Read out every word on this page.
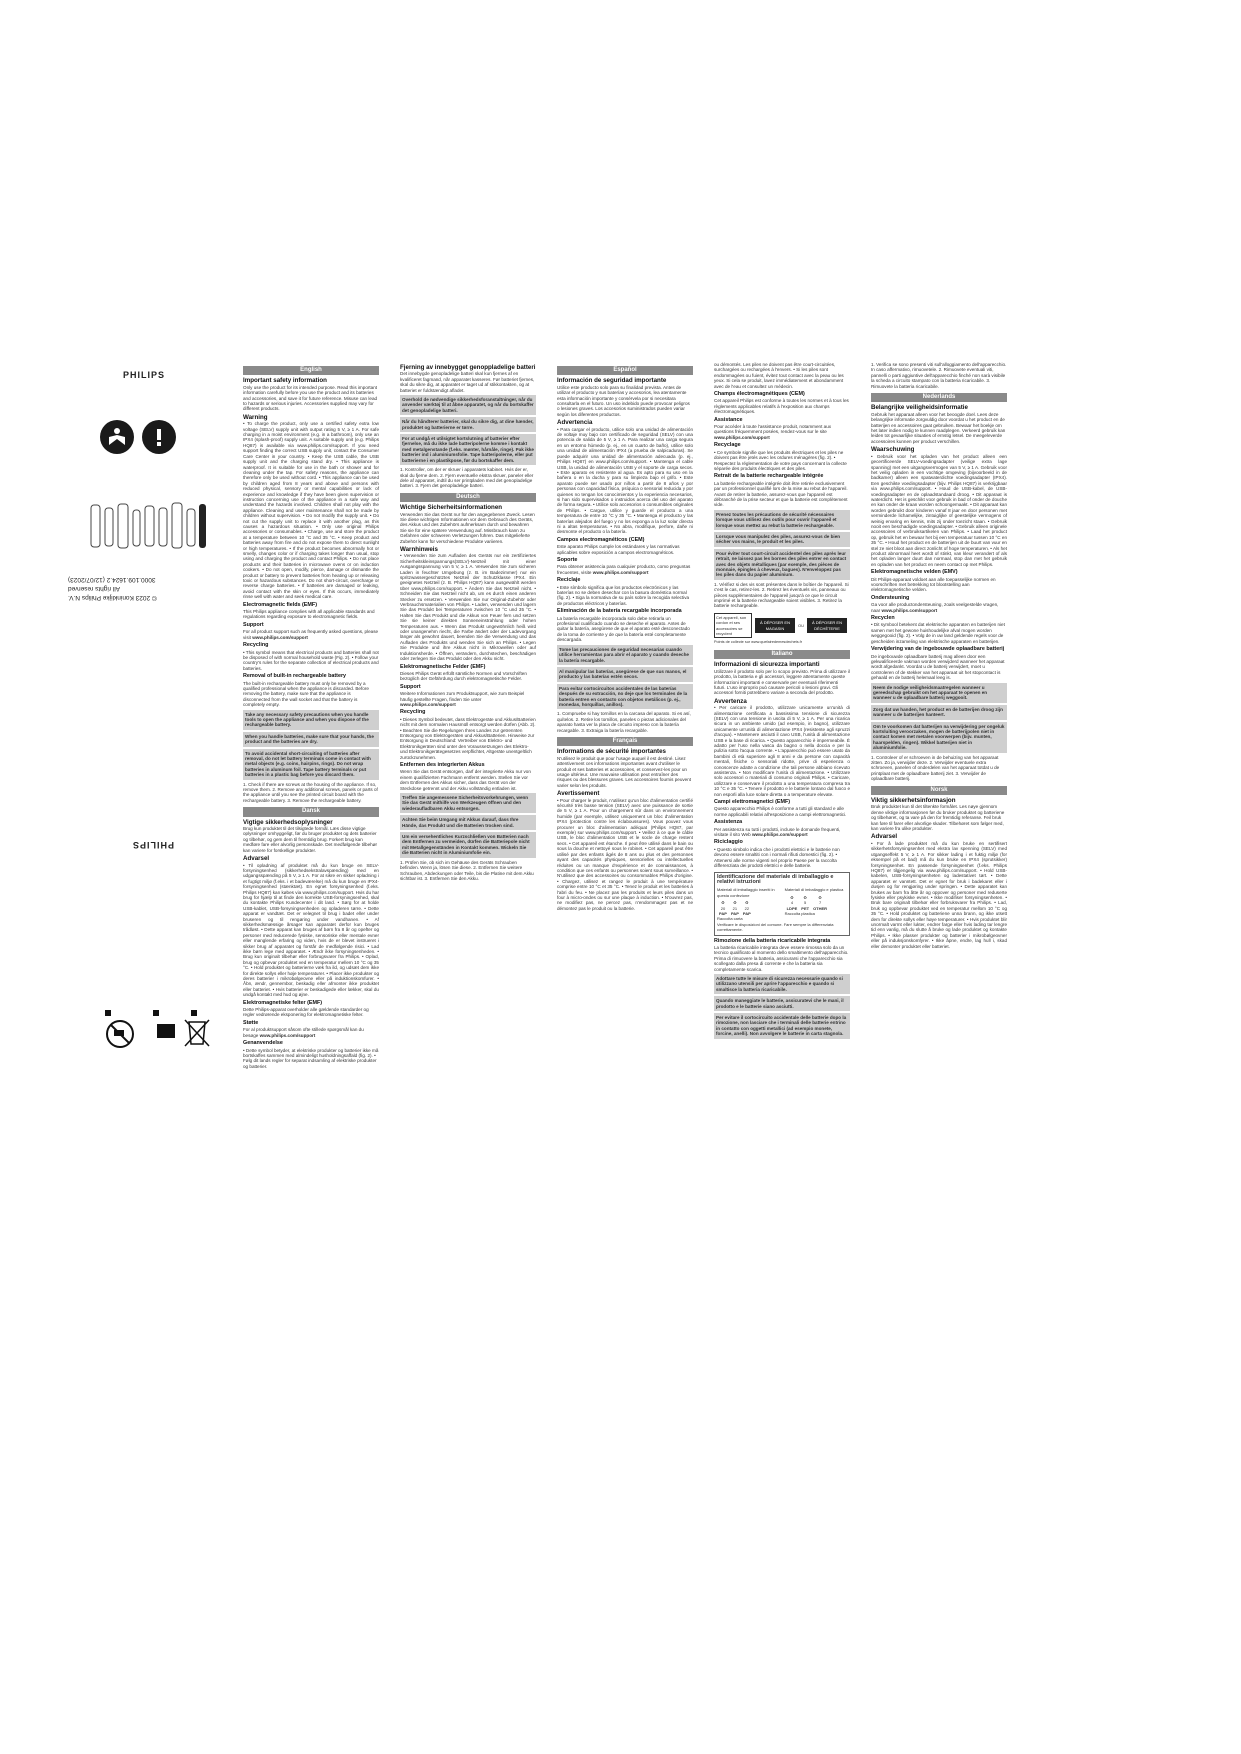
PHILIPS
3000.109.1624.2 (12/07/2023)
All rights reserved
© 2023 Koninklijke Philips N.V.
PHILIPS
English
Important safety information

Only use the product for its intended purpose. Read this important information carefully before you use the product and its batteries and accessories, and save it for future reference. Misuse can lead to hazards or serious injuries. Accessories supplied may vary for different products.

Warning

• To charge the product, only use a certified safety extra low voltage (SELV) supply unit with output rating 5 V, ≥ 1 A. For safe charging in a moist environment (e.g. in a bathroom), only use an IPX4 (splash-proof) supply unit. A suitable supply unit (e.g. Philips HQ87) is available via www.philips.com/support. If you need support finding the correct USB supply unit, contact the Consumer Care Center in your country. • Keep the USB cable, the USB supply unit and the charging stand dry. • This appliance is waterproof. It is suitable for use in the bath or shower and for cleaning under the tap. For safety reasons, the appliance can therefore only be used without cord. • This appliance can be used by children aged from 8 years and above and persons with reduced physical, sensory or mental capabilities or lack of experience and knowledge if they have been given supervision or instruction concerning use of the appliance in a safe way and understand the hazards involved. Children shall not play with the appliance. Cleaning and user maintenance shall not be made by children without supervision. • Do not modify the supply unit. • Do not cut the supply unit to replace it with another plug, as this causes a hazardous situation. • Only use original Philips accessories or consumables. • Charge, use and store the product at a temperature between 10 °C and 35 °C. • Keep product and batteries away from fire and do not expose them to direct sunlight or high temperatures. • If the product becomes abnormally hot or smelly, changes color or if charging takes longer than usual, stop using and charging the product and contact Philips. • Do not place products and their batteries in microwave ovens or on induction cookers. • Do not open, modify, pierce, damage or dismantle the product or battery to prevent batteries from heating up or releasing toxic or hazardous substances. Do not short-circuit, overcharge or reverse charge batteries. • If batteries are damaged or leaking, avoid contact with the skin or eyes. If this occurs, immediately rinse well with water and seek medical care.

Electromagnetic fields (EMF)

This Philips appliance complies with all applicable standards and regulations regarding exposure to electromagnetic fields.

Support

For all product support such as frequently asked questions, please visit www.philips.com/support

Recycling

• This symbol means that electrical products and batteries shall not be disposed of with normal household waste (Fig. 2). • Follow your country's rules for the separate collection of electrical products and batteries.

Removal of built-in rechargeable battery

The built-in rechargeable battery must only be removed by a qualified professional when the appliance is discarded. Before removing the battery, make sure that the appliance is disconnected from the wall socket and that the battery is completely empty.

Take any necessary safety precautions when you handle tools to open the appliance and when you dispose of the rechargeable battery.
When you handle batteries, make sure that your hands, the product and the batteries are dry.
To avoid accidental short-circuiting of batteries after removal, do not let battery terminals come in contact with metal objects (e.g. coins, hairpins, rings). Do not wrap batteries in aluminum foil. Tape battery terminals or put batteries in a plastic bag before you discard them.

1. Check if there are screws at the housing of the appliance. If so, remove them. 2. Remove any additional screws, panels or parts of the appliance until you see the printed circuit board with the rechargeable battery. 3. Remove the rechargeable battery.

Dansk
Vigtige sikkerhedsoplysninger

Brug kun produktet til det tilsigtede formål. Læs disse vigtige oplysninger omhyggeligt, før du bruger produktet og dets batterier og tilbehør, og gem dem til fremtidig brug. Forkert brug kan medføre fare eller alvorlig personskade. Det medfølgende tilbehør kan variere for forskellige produkter.

Advarsel

• Til opladning af produktet må du kun bruge en SELV-forsyningsenhed (sikkerhedsekstralavspænding) med en udgangsspænding på 5 V, ≥ 1 A. For at sikre en sikker opladning i et fugtigt miljø (f.eks. i et badeværelse) må du kun bruge en IPX4-forsyningsenhed (stænktæt). En egnet forsyningsenhed (f.eks. Philips HQ87) kan købes via www.philips.com/support. Hvis du har brug for hjælp til at finde den korrekte USB-forsyningsenhed, skal du kontakte Philips Kundecenter i dit land. • Sørg for at holde USB-kablet, USB-forsyningsenheden og opladeren tørre. • Dette apparat er vandtæt. Det er velegnet til brug i badet eller under bruseren og til rengøring under vandhanen. • Af sikkerhedsmæssige årsager kan apparatet derfor kun bruges trådløst. • Dette apparat kan bruges af børn fra 8 år og opefter og personer med reducerede fysiske, sensoriske eller mentale evner eller manglende erfaring og viden, hvis de er blevet instrueret i sikker brug af apparatet og forstår de medfølgende risici. • Lad ikke børn lege med apparatet. • Ændr ikke forsyningsenheden. • Brug kun originalt tilbehør eller forbrugsvarer fra Philips. • Oplad, brug og opbevar produktet ved en temperatur mellem 10 °C og 35 °C. • Hold produktet og batterierne væk fra ild, og udsæt dem ikke for direkte sollys eller høje temperaturer. • Placer ikke produkter og deres batterier i mikrobølgeovne eller på induktionskomfurer. • Åbn, ændr, gennembor, beskadig eller afmonter ikke produktet eller batteriet. • Hvis batterier er beskadigede eller lækker, skal du undgå kontakt med hud og øjne.

Elektromagnetiske felter (EMF)

Dette Philips-apparat overholder alle gældende standarder og regler vedrørende eksponering for elektromagnetiske felter.

Støtte

For al produktsupport såsom ofte stillede spørgsmål kan du besøge www.philips.com/support

Genanvendelse

• Dette symbol betyder, at elektriske produkter og batterier ikke må bortskaffes sammen med almindeligt husholdningsaffald (fig. 2). • Følg dit lands regler for separat indsamling af elektriske produkter og batterier.

Fjerning av innebygget genoppladelige batteri

Det innebygde genopladelige batteri skal kun fjernes af en kvalificeret fagmand, når apparatet kasseres. Før batteriet fjernes, skal du sikre dig, at apparatet er taget ud af stikkontakten, og at batteriet er fuldstændigt afladet.

Overhold de nødvendige sikkerhedsforanstaltninger, når du anvender værktøj til at åbne apparatet, og når du bortskaffer det genopladelige batteri.
Når du håndterer batterier, skal du sikre dig, at dine hænder, produktet og batterierne er tørre.
For at undgå et utilsigtet kortslutning af batterier efter fjernelse, må du ikke lade batteripolerne komme i kontakt med metalgenstande (f.eks. mønter, hårnåle, ringe). Pak ikke batterier ind i aluminiumsfolie. Tape batteripolerne, eller put batterierne i en plastikpose, før du bortskaffer dem.

1. Kontroller, om der er skruer i apparatets kabinet. Hvis der er, skal du fjerne dem. 2. Fjern eventuelle ekstra skruer, paneler eller dele af apparatet, indtil du ser printpladen med det genopladelige batteri. 3. Fjern det genopladelige batteri.

Deutsch
Wichtige Sicherheitsinformationen

Verwenden Sie das Gerät nur für den angegebenen Zweck. Lesen Sie diese wichtigen Informationen vor dem Gebrauch des Geräts, des Akkus und des Zubehörs aufmerksam durch und bewahren Sie sie für eine spätere Verwendung auf. Missbrauch kann zu Gefahren oder schweren Verletzungen führen. Das mitgelieferte Zubehör kann für verschiedene Produkte variieren.

Warnhinweis

• Verwenden Sie zum Aufladen des Geräts nur ein zertifiziertes Sicherheitskleinspannungs(SELV)-Netzteil mit einer Ausgangsspannung von 5 V, ≥ 1 A. Verwenden Sie zum sicheren Laden in feuchter Umgebung (z. B. im Badezimmer) nur ein spritzwassergeschütztes Netzteil der Schutzklasse IPX4. Ein geeignetes Netzteil (z. B. Philips HQ87) kann ausgewählt werden über www.philips.com/support. • Ändern Sie das Netzteil nicht. • Schneiden Sie das Netzteil nicht ab, um es durch einen anderen Stecker zu ersetzen. • Verwenden Sie nur Original-Zubehör oder Verbrauchsmaterialien von Philips. • Laden, verwenden und lagern Sie das Produkt bei Temperaturen zwischen 10 °C und 35 °C. • Halten Sie das Produkt und die Akkus von Feuer fern und setzen Sie sie keiner direkten Sonneneinstrahlung oder hohen Temperaturen aus. • Wenn das Produkt ungewöhnlich heiß wird oder unangenehm riecht, die Farbe ändert oder der Ladevorgang länger als gewohnt dauert, beenden Sie die Verwendung und das Aufladen des Produkts und wenden Sie sich an Philips. • Legen Sie Produkte und ihre Akkus nicht in Mikrowellen oder auf Induktionsherde. • Öffnen, verändern, durchstechen, beschädigen oder zerlegen Sie das Produkt oder den Akku nicht.

Elektromagnetische Felder (EMF)

Dieses Philips Gerät erfüllt sämtliche Normen und Vorschriften bezüglich der Gefährdung durch elektromagnetische Felder.

Support

Weitere Informationen zum Produktsupport, wie zum Beispiel häufig gestellte Fragen, finden Sie unter www.philips.com/support

Recycling

• Dieses Symbol bedeutet, dass Elektrogeräte und Akkus/Batterien nicht mit dem normalen Hausmüll entsorgt werden dürfen (Abb. 2). • Beachten Sie die Regelungen Ihres Landes zur getrennten Entsorgung von Elektrogeräten und Akkus/Batterien. Hinweise zur Entsorgung in Deutschland: Vertreiber von Elektro- und Elektronikgeräten sind unter den Voraussetzungen des Elektro- und Elektronikgerätegesetzes verpflichtet, Altgeräte unentgeltlich zurückzunehmen.

Entfernen des integrierten Akkus

Wenn Sie das Gerät entsorgen, darf der integrierte Akku nur von einem qualifizierten Fachmann entfernt werden. Stellen Sie vor dem Entfernen des Akkus sicher, dass das Gerät von der Steckdose getrennt und der Akku vollständig entladen ist.

Treffen Sie angemessene Sicherheitsvorkehrungen, wenn Sie das Gerät mithilfe von Werkzeugen öffnen und den wiederaufladbaren Akku entsorgen.
Achten Sie beim Umgang mit Akkus darauf, dass Ihre Hände, das Produkt und die Batterien trocken sind.
Um ein versehentliches Kurzschließen von Batterien nach dem Entfernen zu vermeiden, dürfen die Batteriepole nicht mit Metallgegenständen in Kontakt kommen. Wickeln Sie die Batterien nicht in Aluminiumfolie ein.

1. Prüfen Sie, ob sich im Gehäuse des Geräts Schrauben befinden. Wenn ja, lösen Sie diese. 2. Entfernen Sie weitere Schrauben, Abdeckungen oder Teile, bis die Platine mit dem Akku sichtbar ist. 3. Entfernen Sie den Akku.

Español
Información de seguridad importante

Utilice este producto solo para su finalidad prevista. Antes de utilizar el producto y sus baterías y accesorios, lea atentamente esta información importante y consérvela por si necesitara consultarla en el futuro. Un uso indebido puede provocar peligros o lesiones graves. Los accesorios suministrados pueden variar según los diferentes productos.

Advertencia

• Para cargar el producto, utilice solo una unidad de alimentación de voltaje muy bajo con certificado de seguridad (SELV) con una potencia de salida de 5 V, ≥ 1 A. Para realizar una carga segura en un entorno húmedo (p. ej., en un cuarto de baño), utilice solo una unidad de alimentación IPX4 (a prueba de salpicaduras). Se puede adquirir una unidad de alimentación adecuada (p. ej., Philips HQ87) en www.philips.com/support. • Mantenga el cable USB, la unidad de alimentación USB y el soporte de carga secos. • Este aparato es resistente al agua. Es apto para su uso en la bañera o en la ducha y para su limpieza bajo el grifo. • Este aparato puede ser usado por niños a partir de 8 años y por personas con capacidad física, psíquica o sensorial reducida y por quienes no tengan los conocimientos y la experiencia necesarios, si han sido supervisados o instruidos acerca del uso del aparato de forma segura. • Utilice solo accesorios o consumibles originales de Philips. • Cargue, utilice y guarde el producto a una temperatura de entre 10 °C y 35 °C. • Mantenga el producto y las baterías alejados del fuego y no los exponga a la luz solar directa ni a altas temperaturas. • No abra, modifique, perfore, dañe ni desmonte el producto o la batería.

Campos electromagnéticos (CEM)

Este aparato Philips cumple los estándares y las normativas aplicables sobre exposición a campos electromagnéticos.

Soporte

Para obtener asistencia para cualquier producto, como preguntas frecuentes, visite www.philips.com/support

Reciclaje

• Este símbolo significa que los productos electrónicos y las baterías no se deben desechar con la basura doméstica normal (fig. 2). • Siga la normativa de su país sobre la recogida selectiva de productos eléctricos y baterías.

Eliminación de la batería recargable incorporada

La batería recargable incorporada solo debe retirarla un profesional cualificado cuando se deseche el aparato. Antes de quitar la batería, asegúrese de que el aparato esté desconectado de la toma de corriente y de que la batería esté completamente descargada.

Tome las precauciones de seguridad necesarias cuando utilice herramientas para abrir el aparato y cuando deseche la batería recargable.
Al manipular las baterías, asegúrese de que sus manos, el producto y las baterías estén secos.
Para evitar cortocircuitos accidentales de las baterías después de su extracción, no deje que los terminales de la batería entren en contacto con objetos metálicos (p. ej., monedas, horquillas, anillos).

1. Compruebe si hay tornillos en la carcasa del aparato. Si es así, quítelos. 2. Retire los tornillos, paneles o piezas adicionales del aparato hasta ver la placa de circuito impreso con la batería recargable. 3. Extraiga la batería recargable.

Français
Informations de sécurité importantes

N'utilisez le produit que pour l'usage auquel il est destiné. Lisez attentivement ces informations importantes avant d'utiliser le produit et ses batteries et accessoires, et conservez-les pour un usage ultérieur. Une mauvaise utilisation peut entraîner des risques ou des blessures graves. Les accessoires fournis peuvent varier selon les produits.

Avertissement

• Pour charger le produit, n'utilisez qu'un bloc d'alimentation certifié sécurité très basse tension (SELV) avec une puissance de sortie de 5 V, ≥ 1 A. Pour un chargement sûr dans un environnement humide (par exemple, utilisez uniquement un bloc d'alimentation IPX4 (protection contre les éclaboussures). Vous pouvez vous procurer un bloc d'alimentation adéquat (Philips HQ87, par exemple) sur www.philips.com/support. • Veillez à ce que le câble USB, le bloc d'alimentation USB et le socle de charge restent secs. • Cet appareil est étanche. Il peut être utilisé dans le bain ou sous la douche et nettoyé sous le robinet. • Cet appareil peut être utilisé par des enfants âgés de 8 ans ou plus et des personnes ayant des capacités physiques, sensorielles ou intellectuelles réduites ou un manque d'expérience et de connaissances, à condition que ces enfants ou personnes soient sous surveillance. • N'utilisez que des accessoires ou consommables Philips d'origine. • Chargez, utilisez et rangez le produit à une température comprise entre 10 °C et 35 °C. • Tenez le produit et les batteries à l'abri du feu. • Ne placez pas les produits et leurs piles dans un four à micro-ondes ou sur une plaque à induction. • N'ouvrez pas, ne modifiez pas, ne percez pas, n'endommagez pas et ne démontez pas le produit ou la batterie.

ou démontés. Les piles ne doivent pas être court-circuitées, surchargées ou rechargées à l'envers. • Si les piles sont endommagées ou fuient, évitez tout contact avec la peau ou les yeux. Si cela se produit, lavez immédiatement et abondamment avec de l'eau et consultez un médecin.

Champs électromagnétiques (CEM)

Cet appareil Philips est conforme à toutes les normes et à tous les règlements applicables relatifs à l'exposition aux champs électromagnétiques.

Assistance

Pour accéder à toute l'assistance produit, notamment aux questions fréquemment posées, rendez-vous sur le site www.philips.com/support

Recyclage

• Ce symbole signifie que les produits électriques et les piles ne doivent pas être jetés avec les ordures ménagères (fig. 2). • Respectez la réglementation de votre pays concernant la collecte séparée des produits électriques et des piles.

Retrait de la batterie rechargeable intégrée

La batterie rechargeable intégrée doit être retirée exclusivement par un professionnel qualifié lors de la mise au rebut de l'appareil. Avant de retirer la batterie, assurez-vous que l'appareil est débranché de la prise secteur et que la batterie est complètement vide.

Prenez toutes les précautions de sécurité nécessaires lorsque vous utilisez des outils pour ouvrir l'appareil et lorsque vous mettez au rebut la batterie rechargeable.
Lorsque vous manipulez des piles, assurez-vous de bien sécher vos mains, le produit et les piles.
Pour éviter tout court-circuit accidentel des piles après leur retrait, ne laissez pas les bornes des piles entrer en contact avec des objets métalliques (par exemple, des pièces de monnaie, épingles à cheveux, bagues). N'enveloppez pas les piles dans du papier aluminium.

1. Vérifiez si des vis sont présentes dans le boîtier de l'appareil. Si c'est le cas, retirez-les. 2. Retirez les éventuels vis, panneaux ou pièces supplémentaires de l'appareil jusqu'à ce que le circuit imprimé et la batterie rechargeable soient visibles. 3. Retirez la batterie rechargeable.

Cet appareil, son cordon et ses accessoires se recyclent
À DÉPOSER EN MAGASIN
OU
À DÉPOSER EN DÉCHÈTERIE

Points de collecte sur www.quefairedemesdechets.fr

Italiano
Informazioni di sicurezza importanti

Utilizzare il prodotto solo per lo scopo previsto. Prima di utilizzare il prodotto, la batteria e gli accessori, leggere attentamente queste informazioni importanti e conservarle per eventuali riferimenti futuri. L'uso improprio può causare pericoli o lesioni gravi. Gli accessori forniti potrebbero variare a seconda del prodotto.

Avvertenza

• Per caricare il prodotto, utilizzare unicamente un'unità di alimentazione certificata a bassissima tensione di sicurezza (SELV) con una tensione in uscita di 5 V, ≥ 1 A. Per una ricarica sicura in un ambiente umido (ad esempio, in bagno), utilizzare unicamente un'unità di alimentazione IPX4 (resistente agli spruzzi d'acqua). • Mantenere asciutti il cavo USB, l'unità di alimentazione USB e la base di ricarica. • Questo apparecchio è impermeabile. È adatto per l'uso nella vasca da bagno o nella doccia e per la pulizia sotto l'acqua corrente. • L'apparecchio può essere usato da bambini di età superiore agli 8 anni e da persone con capacità mentali, fisiche o sensoriali ridotte, prive di esperienza o conoscenze adatte a condizione che tali persone abbiano ricevuto assistenza. • Non modificare l'unità di alimentazione. • Utilizzare solo accessori o materiali di consumo originali Philips. • Caricare, utilizzare e conservare il prodotto a una temperatura compresa tra 10 °C e 35 °C. • Tenere il prodotto e le batterie lontano dal fuoco e non esporli alla luce solare diretta o a temperature elevate.

Campi elettromagnetici (EMF)

Questo apparecchio Philips è conforme a tutti gli standard e alle norme applicabili relativi all'esposizione a campi elettromagnetici.

Assistenza

Per assistenza su tutti i prodotti, incluse le domande frequenti, visitate il sito Web www.philips.com/support

Riciclaggio

• Questo simbolo indica che i prodotti elettrici e le batterie non devono essere smaltiti con i normali rifiuti domestici (fig. 2). • Attenersi alle norme vigenti nel proprio Paese per la raccolta differenziata dei prodotti elettrici e delle batterie.

Identificazione del materiale di imballaggio e relativi istruzioni
Materiali di imballaggio inseriti in questa confezione
♻
20
PAP
♻
21
PAP
♻
22
PAP
Raccolta carta
Materiali di imballaggio e plastica
♻
4
LDPE
♻
5
PET
♻
7
OTHER
Raccolta plastica
Verificare le disposizioni del comune. Fare sempre la differenziata correttamente.
Rimozione della batteria ricaricabile integrata

La batteria ricaricabile integrata deve essere rimossa solo da un tecnico qualificato al momento dello smaltimento dell'apparecchio. Prima di rimuovere la batteria, assicurarsi che l'apparecchio sia scollegato dalla presa di corrente e che la batteria sia completamente scarica.

Adottare tutte le misure di sicurezza necessarie quando si utilizzano utensili per aprire l'apparecchio e quando si smaltisce la batteria ricaricabile.
Quando maneggiate le batterie, assicuratevi che le mani, il prodotto e le batterie siano asciutti.
Per evitare il cortocircuito accidentale delle batterie dopo la rimozione, non lasciare che i terminali delle batterie entrino in contatto con oggetti metallici (ad esempio monete, forcine, anelli). Non avvolgere le batterie in carta stagnola.

1. Verifica se sono presenti viti sull'alloggiamento dell'apparecchio. In caso affermativo, rimuovetele. 2. Rimuovete eventuali viti, pannelli o parti aggiuntive dell'apparecchio finché non sarà visibile la scheda a circuito stampato con la batteria ricaricabile. 3. Rimuovete la batteria ricaricabile.

Nederlands
Belangrijke veiligheidsinformatie

Gebruik het apparaat alleen voor het beoogde doel. Lees deze belangrijke informatie zorgvuldig door voordat u het product en de batterijen en accessoires gaat gebruiken. Bewaar het boekje om het later indien nodig te kunnen raadplegen. Verkeerd gebruik kan leiden tot gevaarlijke situaties of ernstig letsel. De meegeleverde accessoires kunnen per product verschillen.

Waarschuwing

• Gebruik voor het opladen van het product alleen een gecertificeerde SELV-voedingsadapter (veilige extra lage spanning) met een uitgangsvermogen van 5 V, ≥ 1 A. Gebruik voor het veilig opladen in een vochtige omgeving (bijvoorbeeld in de badkamer) alleen een spatwaterdichte voedingsadapter (IPX4). Een geschikte voedingsadapter (bijv. Philips HQ87) is verkrijgbaar via www.philips.com/support. • Houd de USB-kabel, de USB-voedingsadapter en de oplaadstandaard droog. • Dit apparaat is waterdicht. Het is geschikt voor gebruik in bad of onder de douche en kan onder de kraan worden schoongemaakt. • Dit apparaat kan worden gebruikt door kinderen vanaf 8 jaar en door personen met verminderde lichamelijke, zintuiglijke of geestelijke vermogens of weinig ervaring en kennis, mits zij onder toezicht staan. • Gebruik nooit een beschadigde voedingsadapter. • Gebruik alleen originele accessoires of verbruiksartikelen van Philips. • Laad het product op, gebruik het en bewaar het bij een temperatuur tussen 10 °C en 35 °C. • Houd het product en de batterijen uit de buurt van vuur en stel ze niet bloot aan direct zonlicht of hoge temperaturen. • Als het product abnormaal heet wordt of stinkt, van kleur verandert of als het opladen langer duurt dan normaal, stop dan met het gebruik en opladen van het product en neem contact op met Philips.

Elektromagnetische velden (EMV)

Dit Philips-apparaat voldoet aan alle toepasselijke normen en voorschriften met betrekking tot blootstelling aan elektromagnetische velden.

Ondersteuning

Ga voor alle productondersteuning, zoals veelgestelde vragen, naar www.philips.com/support

Recyclen

• Dit symbool betekent dat elektrische apparaten en batterijen niet samen met het gewone huishoudelijke afval mogen worden weggegooid (fig. 2). • Volg de in uw land geldende regels voor de gescheiden inzameling van elektrische apparaten en batterijen.

Verwijdering van de ingebouwde oplaadbare batterij

De ingebouwde oplaadbare batterij mag alleen door een gekwalificeerde vakman worden verwijderd wanneer het apparaat wordt afgedankt. Voordat u de batterij verwijdert, moet u controleren of de stekker van het apparaat uit het stopcontact is gehaald en de batterij helemaal leeg is.

Neem de nodige veiligheidsmaatregelen wanneer u gereedschap gebruikt om het apparaat te openen en wanneer u de oplaadbare batterij weggooit.
Zorg dat uw handen, het product en de batterijen droog zijn wanneer u de batterijen hanteert.
Om te voorkomen dat batterijen na verwijdering per ongeluk kortsluiting veroorzaken, mogen de batterijpolen niet in contact komen met metalen voorwerpen (bijv. munten, haarspelden, ringen). Wikkel batterijen niet in aluminiumfolie.

1. Controleer of er schroeven in de behuizing van het apparaat zitten. Zo ja, verwijder deze. 2. Verwijder eventuele extra schroeven, panelen of onderdelen van het apparaat totdat u de printplaat met de oplaadbare batterij ziet. 3. Verwijder de oplaadbare batterij.

Norsk
Viktig sikkerhetsinformasjon

Bruk produktet kun til det tiltenkte formålet. Les nøye gjennom denne viktige informasjonen før du bruker produktet og batteriene og tilbehøret, og ta vare på den for fremtidig referanse. Feil bruk kan føre til farer eller alvorlige skader. Tilbehøret som følger med, kan variere fra ulike produkter.

Advarsel

• For å lade produktet må du kun bruke en sertifisert sikkerhetsforsyningsenhet med ekstra lav spenning (SELV) med utgangseffekt 5 V, ≥ 1 A. For sikker lading i et fuktig miljø (for eksempel på et bad) må du kun bruke en IPX4 (sprutsikker) forsyningsenhet. En passende forsyningsenhet (f.eks. Philips HQ87) er tilgjengelig via www.philips.com/support. • Hold USB-kabelen, USB-forsyningsenheten og ladestativet tørt. • Dette apparatet er vanntett. Det er egnet for bruk i badekaret eller i dusjen og for rengjøring under springen. • Dette apparatet kan brukes av barn fra åtte år og oppover og personer med reduserte fysiske eller psykiske evner. • Ikke modifiser forsyningsenheten. • Bruk bare originalt tilbehør eller forbruksvarer fra Philips. • Lad, bruk og oppbevar produktet ved en temperatur mellom 10 °C og 35 °C. • Hold produktet og batteriene unna brann, og ikke utsett dem for direkte sollys eller høye temperaturer. • Hvis produktet blir unormalt varmt eller lukter, endrer farge eller hvis lading tar lengre tid enn vanlig, må du slutte å bruke og lade produktet og kontakte Philips. • Ikke plasser produkter og batterier i mikrobølgeovner eller på induksjonskomfyrer. • Ikke åpne, endre, lag hull i, skad eller demonter produktet eller batteriet.
